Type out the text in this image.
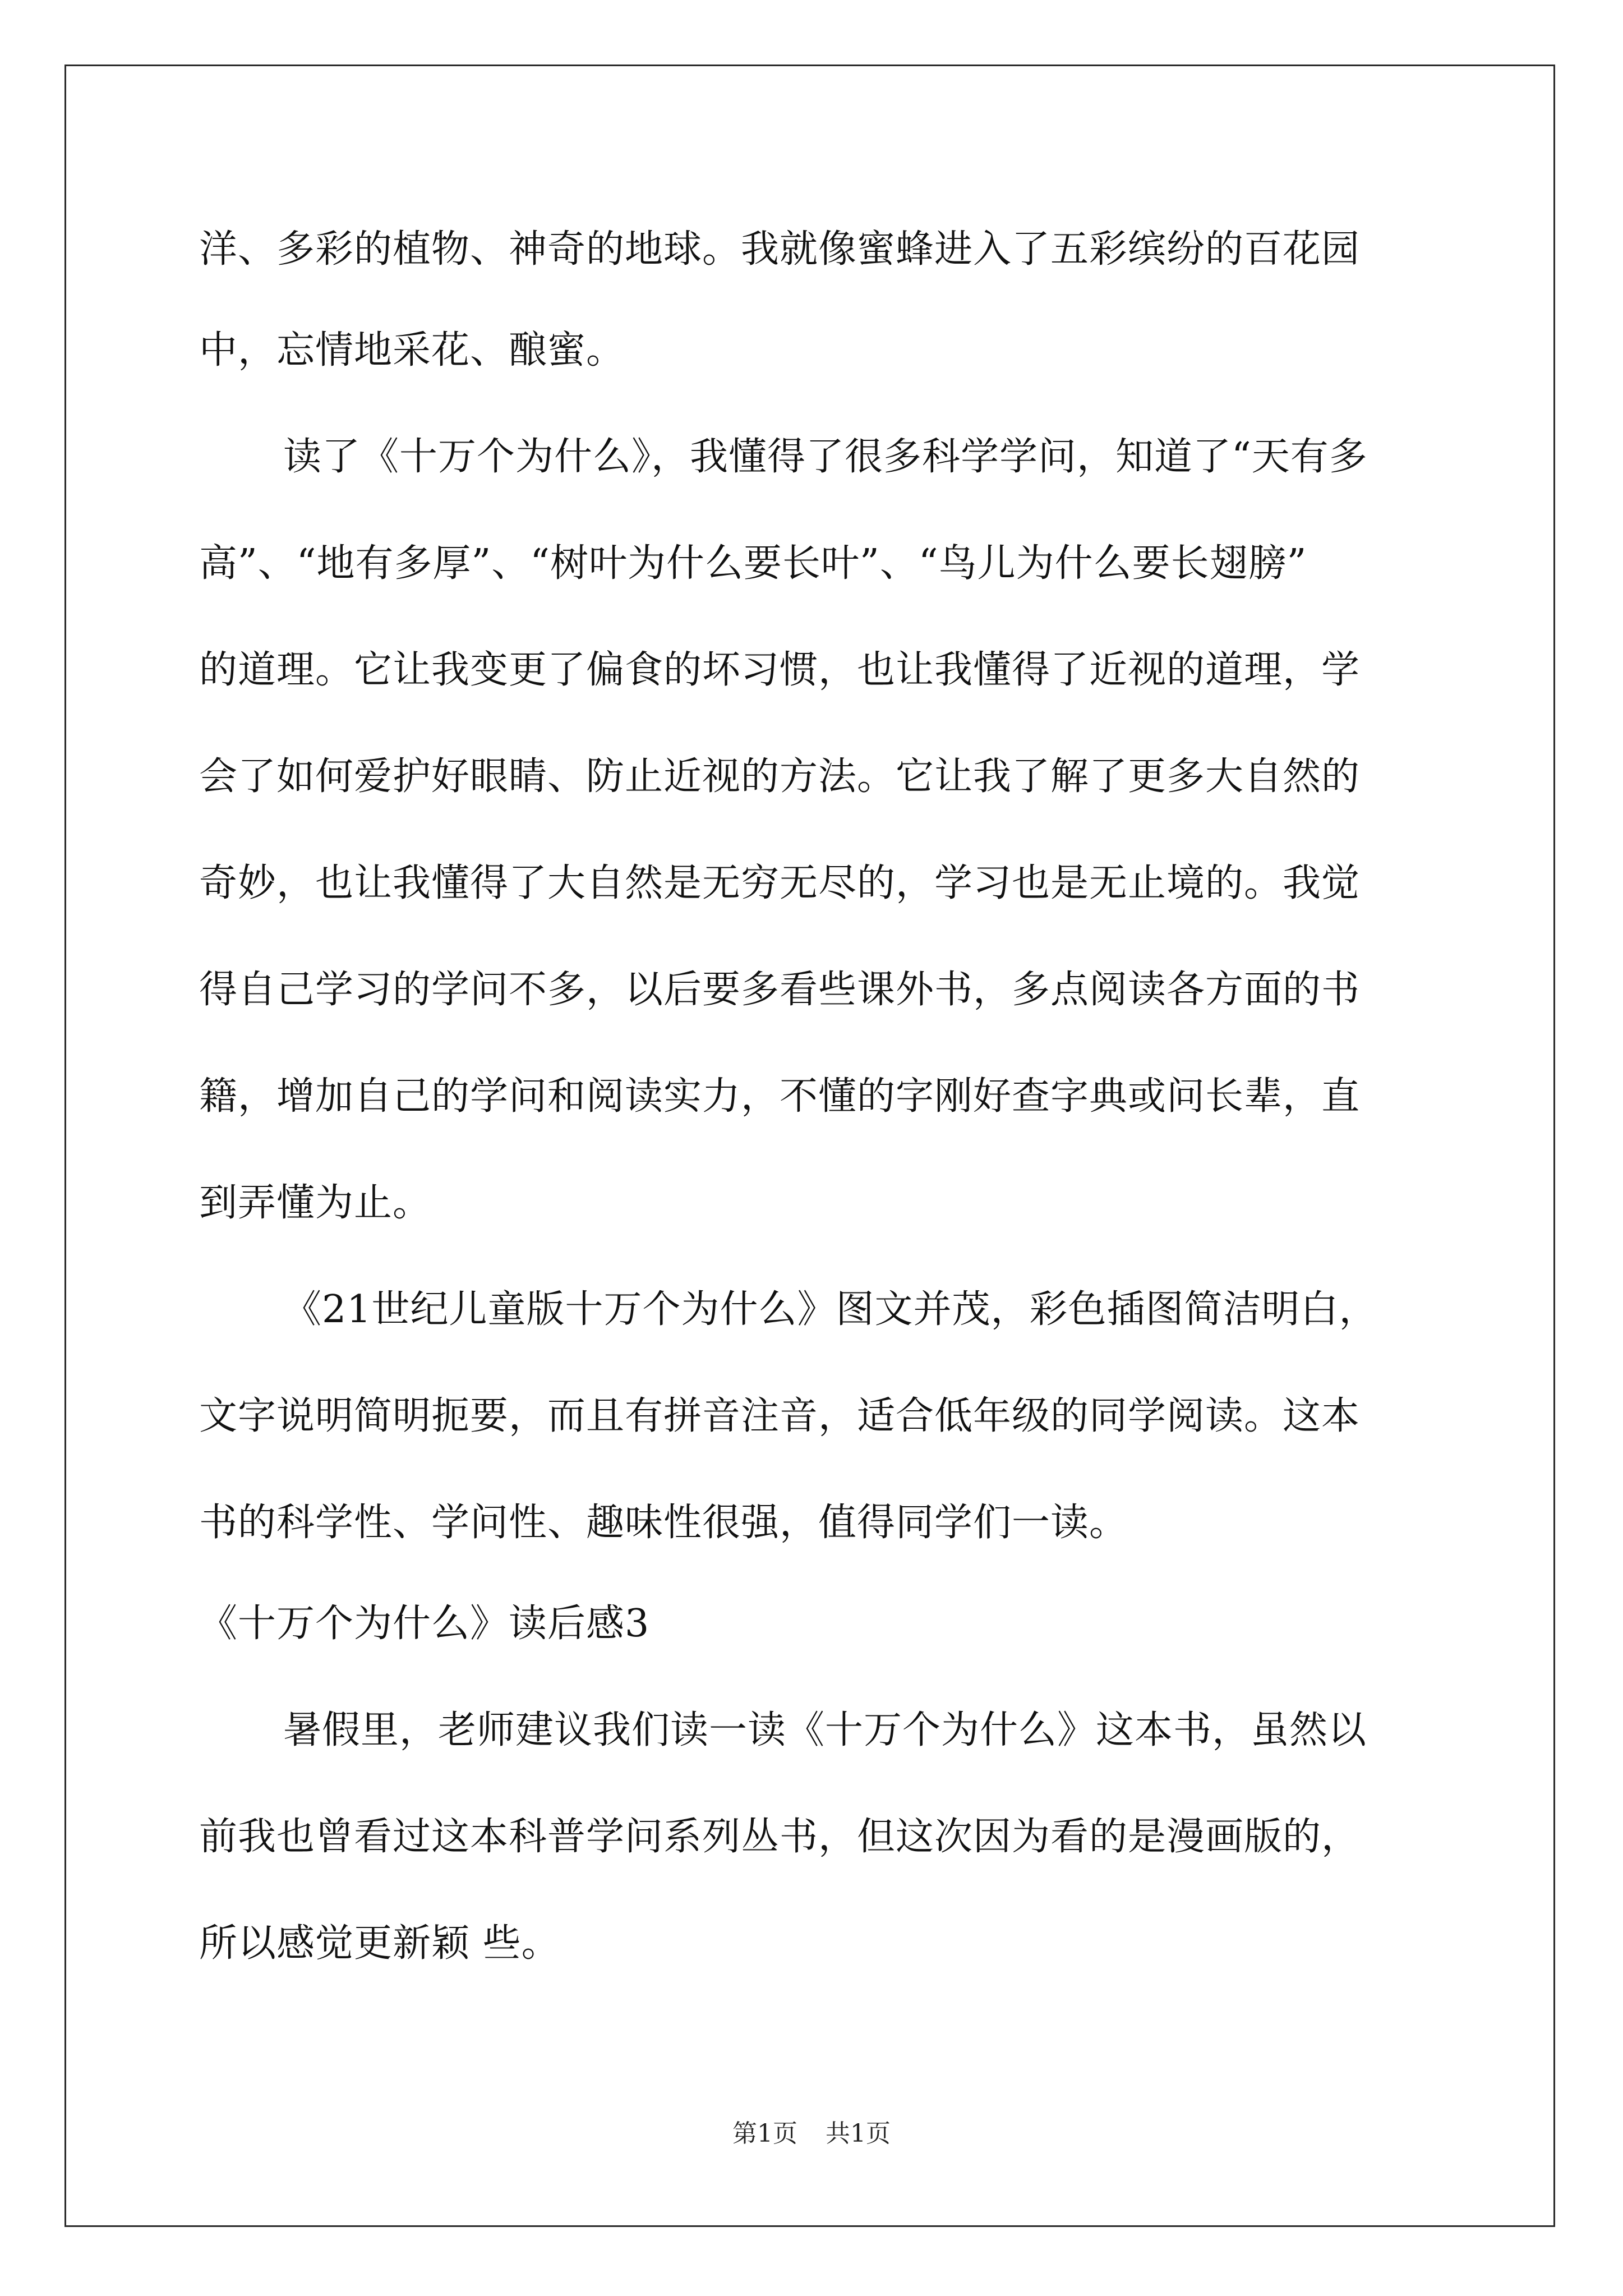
洋、多彩的植物、神奇的地球。我就像蜜蜂进入了五彩缤纷的百花园
中，忘情地采花、酿蜜。
读了《十万个为什么》，我懂得了很多科学学问，知道了“天有多
高”、“地有多厚”、“树叶为什么要长叶”、“鸟儿为什么要长翅膀”
的道理。它让我变更了偏食的坏习惯，也让我懂得了近视的道理，学
会了如何爱护好眼睛、防止近视的方法。它让我了解了更多大自然的
奇妙，也让我懂得了大自然是无穷无尽的，学习也是无止境的。我觉
得自己学习的学问不多，以后要多看些课外书，多点阅读各方面的书
籍，增加自己的学问和阅读实力，不懂的字刚好查字典或问长辈，直
到弄懂为止。
《21世纪儿童版十万个为什么》图文并茂，彩色插图简洁明白，
文字说明简明扼要，而且有拼音注音，适合低年级的同学阅读。这本
书的科学性、学问性、趣味性很强，值得同学们一读。
《十万个为什么》读后感3
暑假里，老师建议我们读一读《十万个为什么》这本书，虽然以
前我也曾看过这本科普学问系列丛书，但这次因为看的是漫画版的，
所以感觉更新颖 些。
第1页 共1页
